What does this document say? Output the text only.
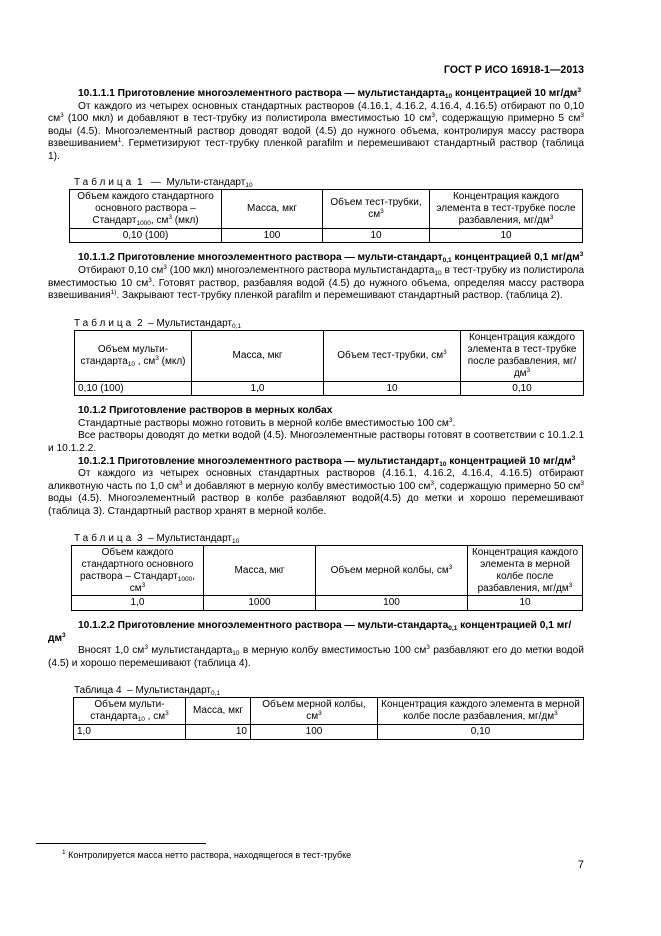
ГОСТ Р ИСО 16918-1—2013

10.1.1.1 Приготовление многоэлементного раствора — мультистандарта$_{10}$ концентрацией 10 $мг/дм^3$

От каждого из четырех основных стандартных растворов (4.16.1, 4.16.2, 4.16.4, 4.16.5) отбирают по 0,10 $см^3$ (100 мкл) и добавляют в тест-трубку из полистирола вместимостью 10 $см^3$, содержащую примерно 5 $см^3$ воды (4.5). Многоэлементный раствор доводят водой (4.5) до нужного объема, контролируя массу раствора взвешиванием$^1$. Герметизируют тест-трубку пленкой parafilm и перемешивают стандартный раствор (таблица 1).

Таблица 1 — Мульти-стандарт$_{10}$
Объем каждого стандартного основного раствора – Стандарт$_{1000}$, $см^3$ (мкл)	Масса, мкг	Объем тест-трубки, $см^3$	Концентрация каждого элемента в тест-трубке после разбавления, $мг/дм^3$
0,10 (100)	100	10	10

10.1.1.2 Приготовление многоэлементного раствора — мульти-стандарт$_{0,1}$ концентрацией 0,1 $мг/дм^3$

Отбирают 0,10 $см^3$ (100 мкл) многоэлементного раствора мультистандарта$_{10}$ в тест-трубку из полистирола вместимостью 10 $см^3$. Готовят раствор, разбавляя водой (4.5) до нужного объема, определяя массу раствора взвешивания$^{1)}$. Закрывают тест-трубку пленкой parafilm и перемешивают стандартный раствор. (таблица 2).

Таблица 2 – Мультистандарт$_{0,1}$
Объем мульти-стандарта$_{10}$ , $см^3$ (мкл)	Масса, мкг	Объем тест-трубки, $см^3$	Концентрация каждого элемента в тест-трубке после разбавления, $мг/дм^3$
0,10 (100)	1,0	10	0,10

10.1.2 Приготовление растворов в мерных колбах

Стандартные растворы можно готовить в мерной колбе вместимостью 100 $см^3$.

Все растворы доводят до метки водой (4.5). Многоэлементные растворы готовят в соответствии с 10.1.2.1 и 10.1.2.2.

10.1.2.1 Приготовление многоэлементного раствора — мультистандарт$_{10}$ концентрацией 10 $мг/дм^3$

От каждого из четырех основных стандартных растворов (4.16.1, 4.16.2, 4.16.4, 4.16.5) отбирают аликвотную часть по 1,0 $см^3$ и добавляют в мерную колбу вместимостью 100 $см^3$, содержащую примерно 50 $см^3$ воды (4.5). Многоэлементный раствор в колбе разбавляют водой(4.5) до метки и хорошо перемешивают (таблица 3). Стандартный раствор хранят в мерной колбе.

Таблица 3 – Мультистандарт$_{10}$
Объем каждого стандартного основного раствора – Стандарт$_{1000}$, $см^3$	Масса, мкг	Объем мерной колбы, $см^3$	Концентрация каждого элемента в мерной колбе после разбавления, $мг/дм^3$
1,0	1000	100	10

10.1.2.2 Приготовление многоэлементного раствора — мульти-стандарта$_{0,1}$ концентрацией 0,1 $мг/дм^3$

Вносят 1,0 $см^3$ мультистандарта$_{10}$ в мерную колбу вместимостью 100 $см^3$ разбавляют его до метки водой (4.5) и хорошо перемешивают (таблица 4).

Таблица 4 – Мультистандарт$_{0,1}$
Объем мульти-стандарта$_{10}$ , $см^3$	Масса, мкг	Объем мерной колбы, $см^3$	Концентрация каждого элемента в мерной колбе после разбавления, $мг/дм^3$
1,0	10	100	0,10
$^1$ Контролируется масса нетто раствора, находящегося в тест-трубке
7
